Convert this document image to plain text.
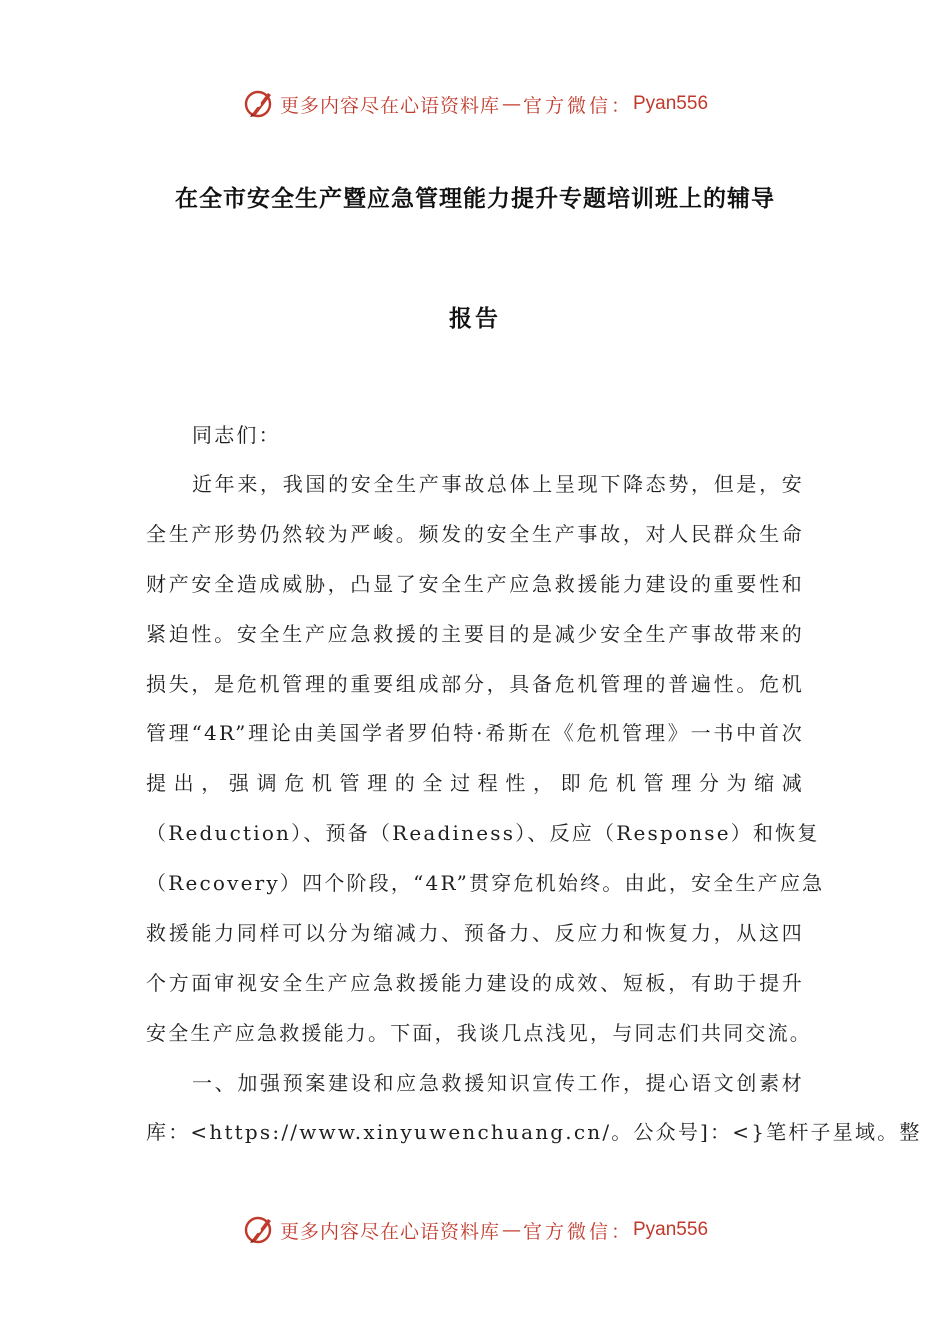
更多内容尽在心语资料库 — 官方微信： Pyan556
在全市安全生产暨应急管理能力提升专题培训班上的辅导
报告
同志们：
近年来，我国的安全生产事故总体上呈现下降态势，但是，安
全生产形势仍然较为严峻。频发的安全生产事故，对人民群众生命
财产安全造成威胁，凸显了安全生产应急救援能力建设的重要性和
紧迫性。安全生产应急救援的主要目的是减少安全生产事故带来的
损失，是危机管理的重要组成部分，具备危机管理的普遍性。危机
管理“4R”理论由美国学者罗伯特·希斯在《危机管理》一书中首次
提出，强调危机管理的全过程性，即危机管理分为缩减
（Reduction）、预备（Readiness）、反应（Response）和恢复
（Recovery）四个阶段，“4R”贯穿危机始终。由此，安全生产应急
救援能力同样可以分为缩减力、预备力、反应力和恢复力，从这四
个方面审视安全生产应急救援能力建设的成效、短板，有助于提升
安全生产应急救援能力。下面，我谈几点浅见，与同志们共同交流。
一、加强预案建设和应急救援知识宣传工作，提心语文创素材
库：<https://www.xinyuwenchuang.cn/。公众号]：<}笔杆子星域。整
更多内容尽在心语资料库 — 官方微信： Pyan556
